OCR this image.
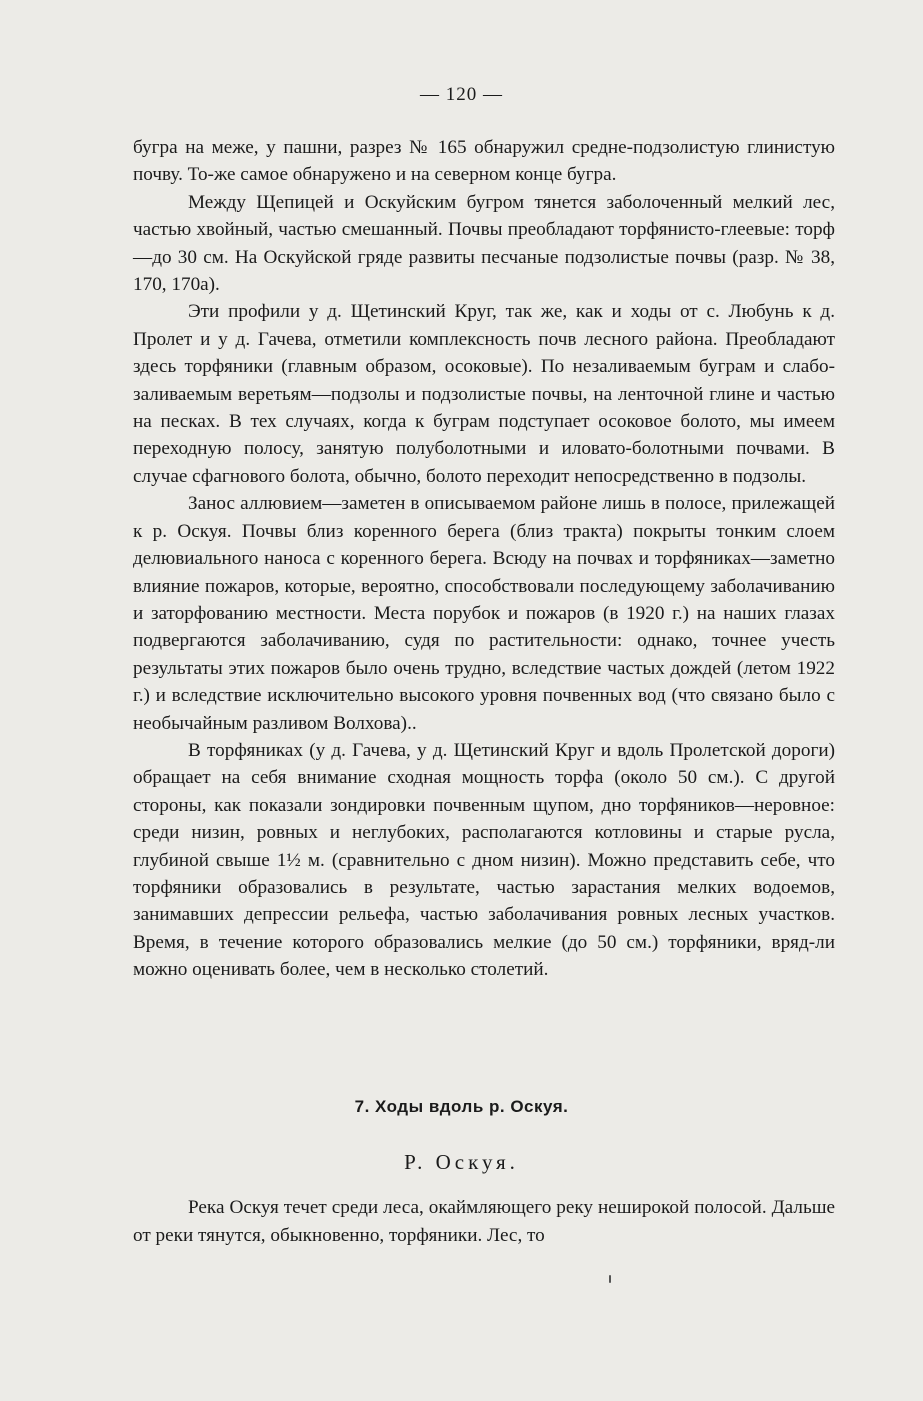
— 120 —

бугра на меже, у пашни, разрез № 165 обнаружил средне-подзолистую глинистую почву. То-же самое обнаружено и на северном конце бугра.

Между Щепицей и Оскуйским бугром тянется заболоченный мелкий лес, частью хвойный, частью смешанный. Почвы преобладают торфянисто-глеевые: торф—до 30 см. На Оскуйской гряде развиты песчаные подзолистые почвы (разр. № 38, 170, 170а).

Эти профили у д. Щетинский Круг, так же, как и ходы от с. Любунь к д. Пролет и у д. Гачева, отметили комплексность почв лесного района. Преобладают здесь торфяники (главным образом, осоковые). По незаливаемым буграм и слабо-заливаемым веретьям—подзолы и подзолистые почвы, на ленточной глине и частью на песках. В тех случаях, когда к буграм подступает осоковое болото, мы имеем переходную полосу, занятую полуболотными и иловато-болотными почвами. В случае сфагнового болота, обычно, болото переходит непосредственно в подзолы.

Занос аллювием—заметен в описываемом районе лишь в полосе, прилежащей к р. Оскуя. Почвы близ коренного берега (близ тракта) покрыты тонким слоем делювиального наноса с коренного берега. Всюду на почвах и торфяниках—заметно влияние пожаров, которые, вероятно, способствовали последующему заболачиванию и заторфованию местности. Места порубок и пожаров (в 1920 г.) на наших глазах подвергаются заболачиванию, судя по растительности: однако, точнее учесть результаты этих пожаров было очень трудно, вследствие частых дождей (летом 1922 г.) и вследствие исключительно высокого уровня почвенных вод (что связано было с необычайным разливом Волхова)..

В торфяниках (у д. Гачева, у д. Щетинский Круг и вдоль Пролетской дороги) обращает на себя внимание сходная мощность торфа (около 50 см.). С другой стороны, как показали зондировки почвенным щупом, дно торфяников—неровное: среди низин, ровных и неглубоких, располагаются котловины и старые русла, глубиной свыше 1½ м. (сравнительно с дном низин). Можно представить себе, что торфяники образовались в результате, частью зарастания мелких водоемов, занимавших депрессии рельефа, частью заболачивания ровных лесных участков. Время, в течение которого образовались мелкие (до 50 см.) торфяники, вряд-ли можно оценивать более, чем в несколько столетий.

7. Ходы вдоль р. Оскуя.
Р. Оскуя.

Река Оскуя течет среди леса, окаймляющего реку неширокой полосой. Дальше от реки тянутся, обыкновенно, торфяники. Лес, то
